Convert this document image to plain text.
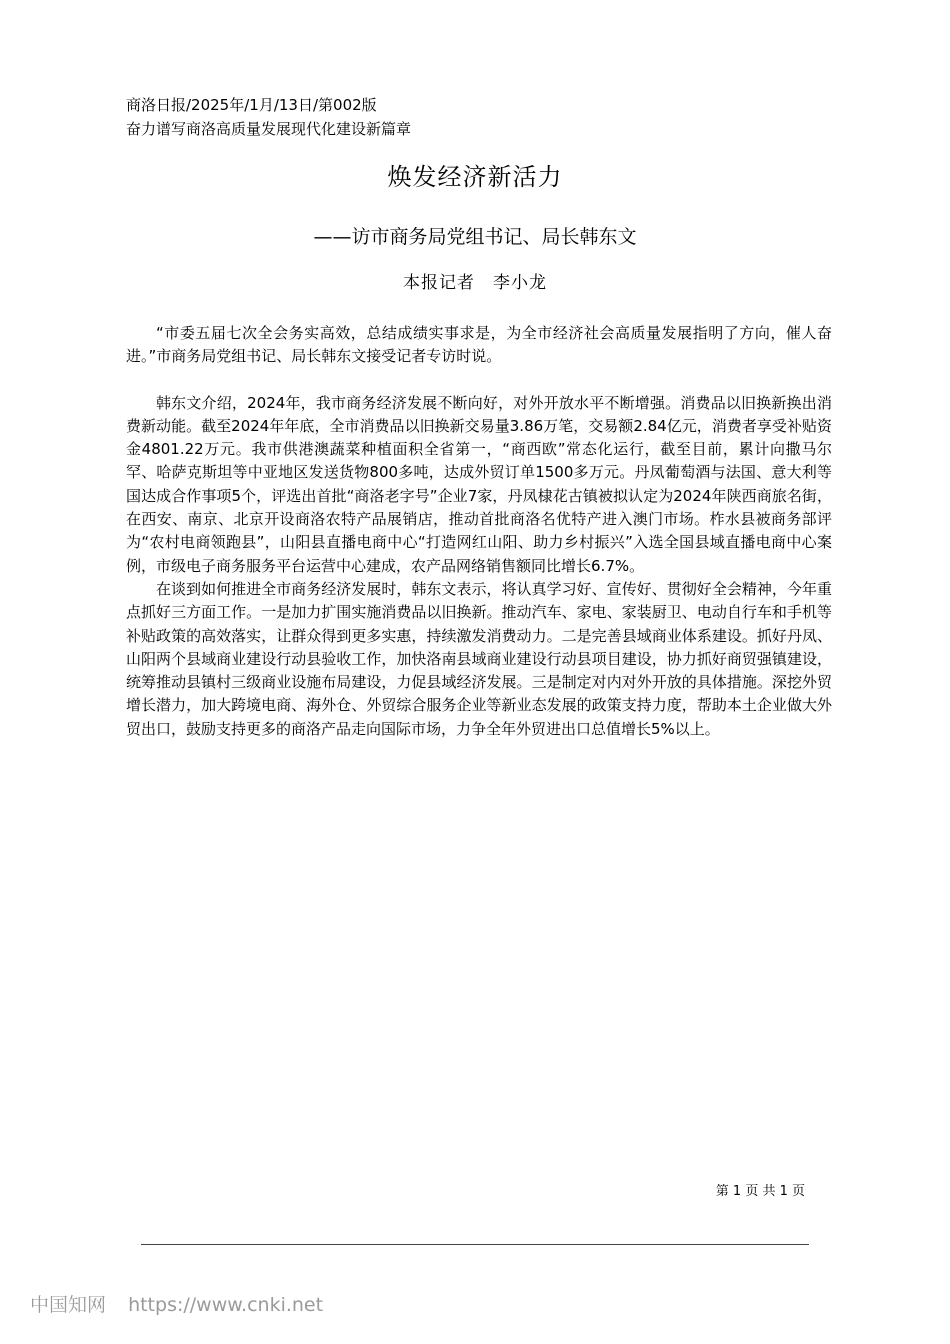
商洛日报/2025年/1月/13日/第002版
奋力谱写商洛高质量发展现代化建设新篇章
焕发经济新活力
——访市商务局党组书记、局长韩东文
本报记者　李小龙

“市委五届七次全会务实高效，总结成绩实事求是，为全市经济社会高质量发展指明了方向，催人奋进。”市商务局党组书记、局长韩东文接受记者专访时说。

韩东文介绍，2024年，我市商务经济发展不断向好，对外开放水平不断增强。消费品以旧换新换出消费新动能。截至2024年年底，全市消费品以旧换新交易量3.86万笔，交易额2.84亿元，消费者享受补贴资金4801.22万元。我市供港澳蔬菜种植面积全省第一，“商西欧”常态化运行，截至目前，累计向撒马尔罕、哈萨克斯坦等中亚地区发送货物800多吨，达成外贸订单1500多万元。丹凤葡萄酒与法国、意大利等国达成合作事项5个，评选出首批“商洛老字号”企业7家，丹凤棣花古镇被拟认定为2024年陕西商旅名街，在西安、南京、北京开设商洛农特产品展销店，推动首批商洛名优特产进入澳门市场。柞水县被商务部评为“农村电商领跑县”，山阳县直播电商中心“打造网红山阳、助力乡村振兴”入选全国县域直播电商中心案例，市级电子商务服务平台运营中心建成，农产品网络销售额同比增长6.7%。

在谈到如何推进全市商务经济发展时，韩东文表示，将认真学习好、宣传好、贯彻好全会精神，今年重点抓好三方面工作。一是加力扩围实施消费品以旧换新。推动汽车、家电、家装厨卫、电动自行车和手机等补贴政策的高效落实，让群众得到更多实惠，持续激发消费动力。二是完善县域商业体系建设。抓好丹凤、山阳两个县域商业建设行动县验收工作，加快洛南县域商业建设行动县项目建设，协力抓好商贸强镇建设，统筹推动县镇村三级商业设施布局建设，力促县域经济发展。三是制定对内对外开放的具体措施。深挖外贸增长潜力，加大跨境电商、海外仓、外贸综合服务企业等新业态发展的政策支持力度，帮助本土企业做大外贸出口，鼓励支持更多的商洛产品走向国际市场，力争全年外贸进出口总值增长5%以上。

第 1 页 共 1 页
中国知网 https://www.cnki.net
